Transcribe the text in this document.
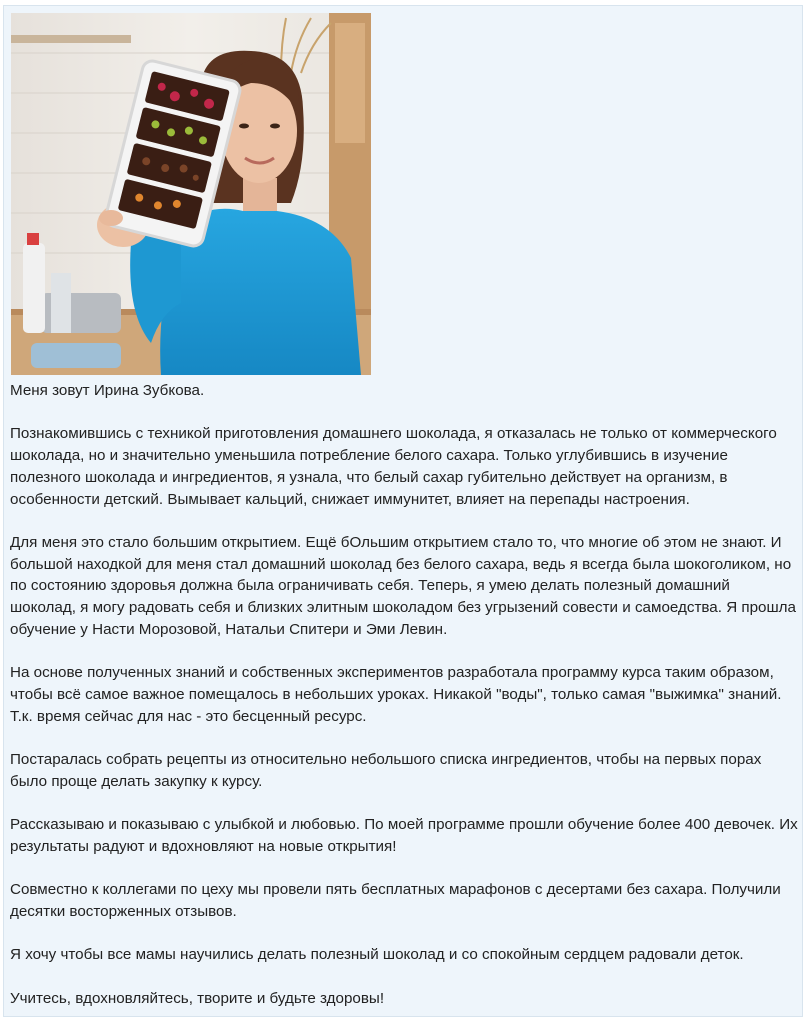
Меня зовут Ирина Зубкова.

Познакомившись с техникой приготовления домашнего шоколада, я отказалась не только от коммерческого шоколада, но и значительно уменьшила потребление белого сахара. Только углубившись в изучение полезного шоколада и ингредиентов, я узнала, что белый сахар губительно действует на организм, в особенности детский. Вымывает кальций, снижает иммунитет, влияет на перепады настроения.

Для меня это стало большим открытием. Ещё бОльшим открытием стало то, что многие об этом не знают. И большой находкой для меня стал домашний шоколад без белого сахара, ведь я всегда была шокоголиком, но по состоянию здоровья должна была ограничивать себя. Теперь, я умею делать полезный домашний шоколад, я могу радовать себя и близких элитным шоколадом без угрызений совести и самоедства. Я прошла обучение у Насти Морозовой, Натальи Спитери и Эми Левин.

На основе полученных знаний и собственных экспериментов разработала программу курса таким образом, чтобы всё самое важное помещалось в небольших уроках. Никакой "воды", только самая "выжимка" знаний. Т.к. время сейчас для нас - это бесценный ресурс.

Постаралась собрать рецепты из относительно небольшого списка ингредиентов, чтобы на первых порах было проще делать закупку к курсу.

Рассказываю и показываю с улыбкой и любовью. По моей программе прошли обучение более 400 девочек. Их результаты радуют и вдохновляют на новые открытия!

Совместно к коллегами по цеху мы провели пять бесплатных марафонов с десертами без сахара. Получили десятки восторженных отзывов.

Я хочу чтобы все мамы научились делать полезный шоколад и со спокойным сердцем радовали деток.

Учитесь, вдохновляйтесь, творите и будьте здоровы!
